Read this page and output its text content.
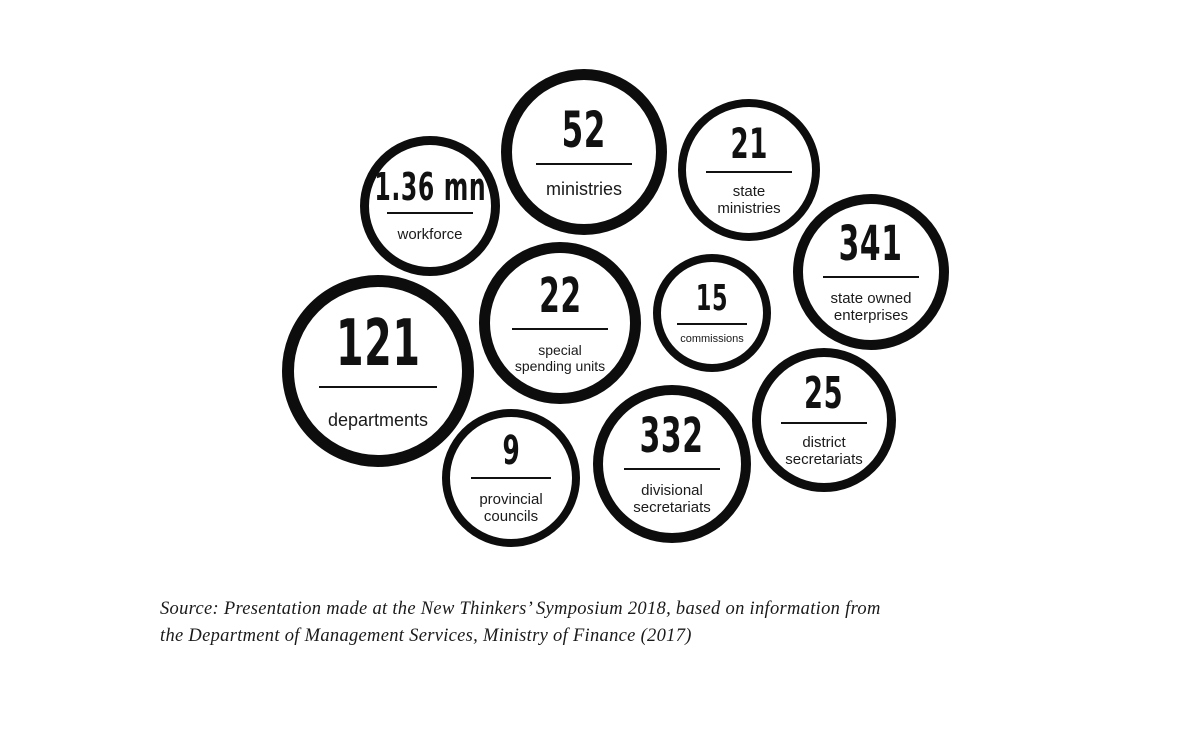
1.36 mn
workforce
52
ministries
21
state
ministries
341
state owned
enterprises
121
departments
22
special
spending units
15
commissions
25
district
secretariats
9
provincial
councils
332
divisional
secretariats
Source: Presentation made at the New Thinkers’ Symposium 2018, based on information from
the Department of Management Services, Ministry of Finance (2017)
